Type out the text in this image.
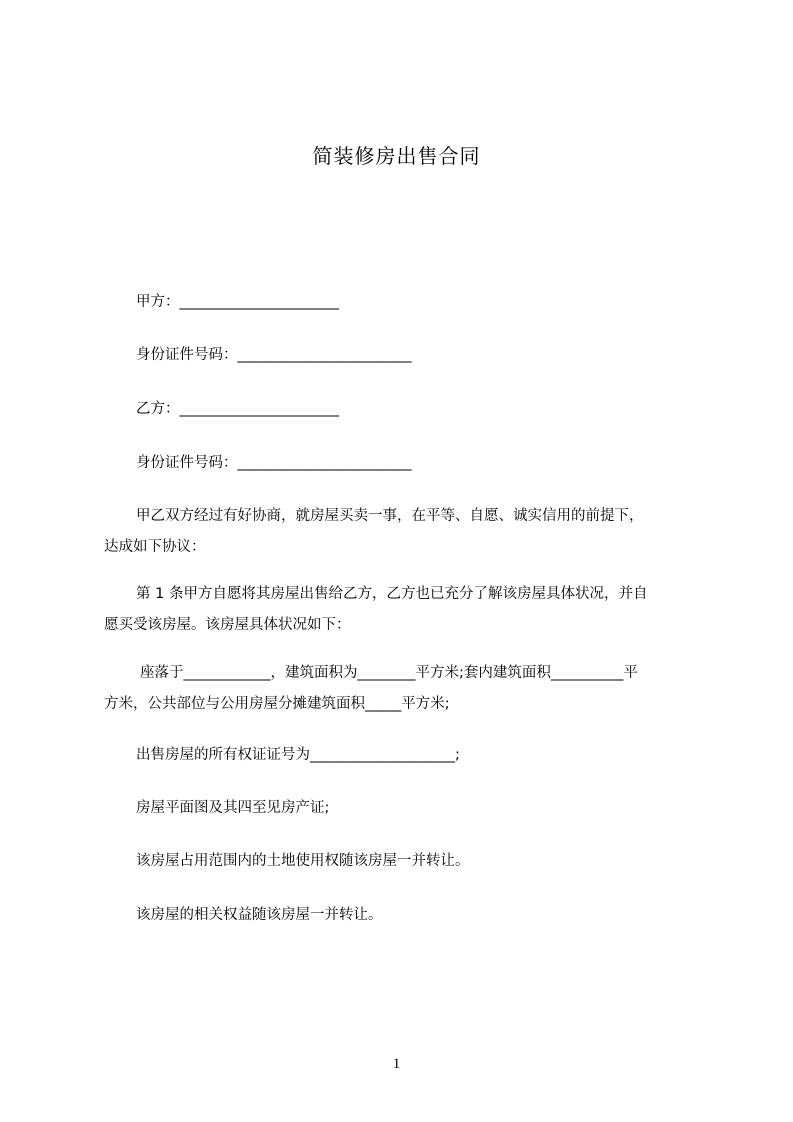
简装修房出售合同
甲方：______________________
身份证件号码：________________________
乙方：______________________
身份证件号码：________________________
甲乙双方经过有好协商，就房屋买卖一事，在平等、自愿、诚实信用的前提下，
达成如下协议：
第 1 条甲方自愿将其房屋出售给乙方，乙方也已充分了解该房屋具体状况，并自
愿买受该房屋。该房屋具体状况如下：
座落于____________，建筑面积为________平方米;套内建筑面积__________平
方米，公共部位与公用房屋分摊建筑面积_____平方米;
出售房屋的所有权证证号为____________________;
房屋平面图及其四至见房产证;
该房屋占用范围内的土地使用权随该房屋一并转让。
该房屋的相关权益随该房屋一并转让。
1
